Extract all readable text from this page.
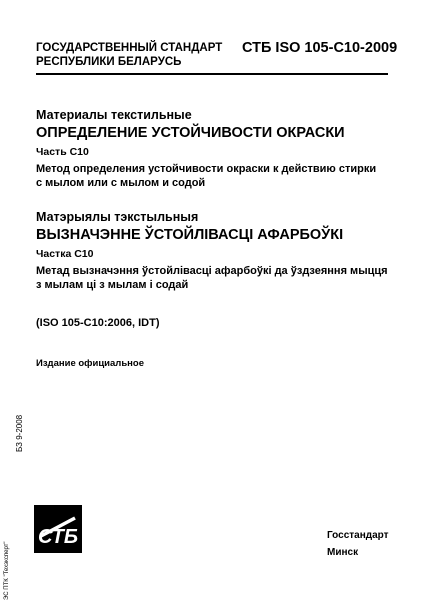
ГОСУДАРСТВЕННЫЙ СТАНДАРТ
РЕСПУБЛИКИ БЕЛАРУСЬ
СТБ ISO 105-C10-2009
Материалы текстильные
ОПРЕДЕЛЕНИЕ УСТОЙЧИВОСТИ ОКРАСКИ
Часть С10
Метод определения устойчивости окраски к действию стирки
с мылом или с мылом и содой
Матэрыялы тэкстыльныя
ВЫЗНАЧЭННЕ ЎСТОЙЛІВАСЦІ АФАРБОЎКІ
Частка С10
Метад вызначэння ўстойлівасці афарбоўкі да ўздзеяння мыцця
з мылам ці з мылам і содай
(ISO 105-C10:2006, IDT)
Издание официальное
БЗ 9-2008
ЭС ПТК "Техэксперт"
СТБ	Госстандарт
Минск
